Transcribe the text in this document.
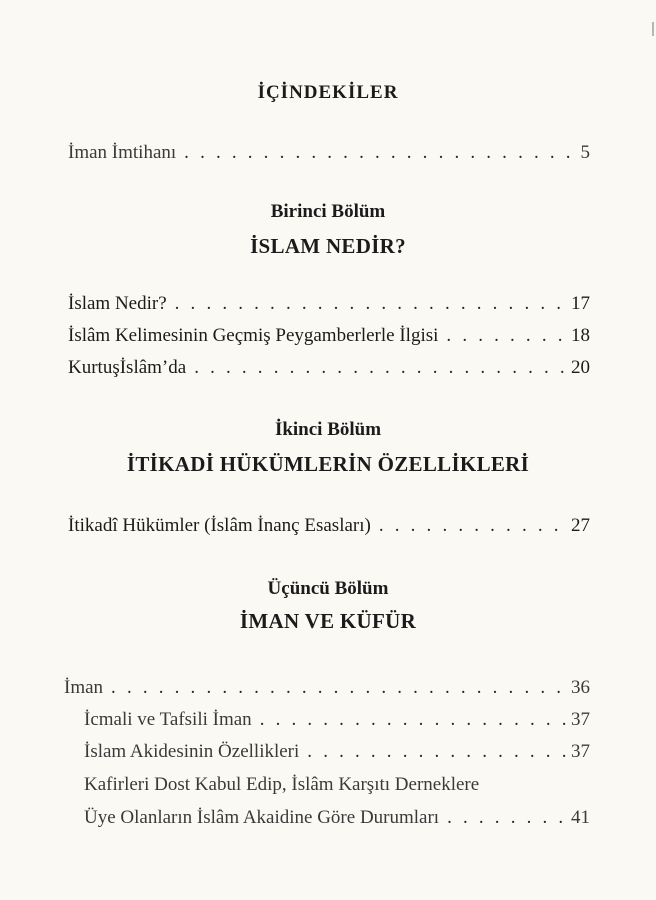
İÇİNDEKİLER
İman İmtihanı . . .	5
Birinci Bölüm
İSLAM NEDİR?
İslam Nedir? . . .	17
İslâm Kelimesinin Geçmiş Peygamberlerle İlgisi . . .	18
Kurtuşİslâm’da . . .	20
İkinci Bölüm
İTİKADİ HÜKÜMLERİN ÖZELLİKLERİ
İtikadî Hükümler (İslâm İnanç Esasları) . . .	27
Üçüncü Bölüm
İMAN VE KÜFÜR
İman . . .	36
İcmali ve Tafsili İman . . .	37
İslam Akidesinin Özellikleri . . .	37
Kafirleri Dost Kabul Edip, İslâm Karşıtı Derneklere
Üye Olanların İslâm Akaidine Göre Durumları . . .	41
